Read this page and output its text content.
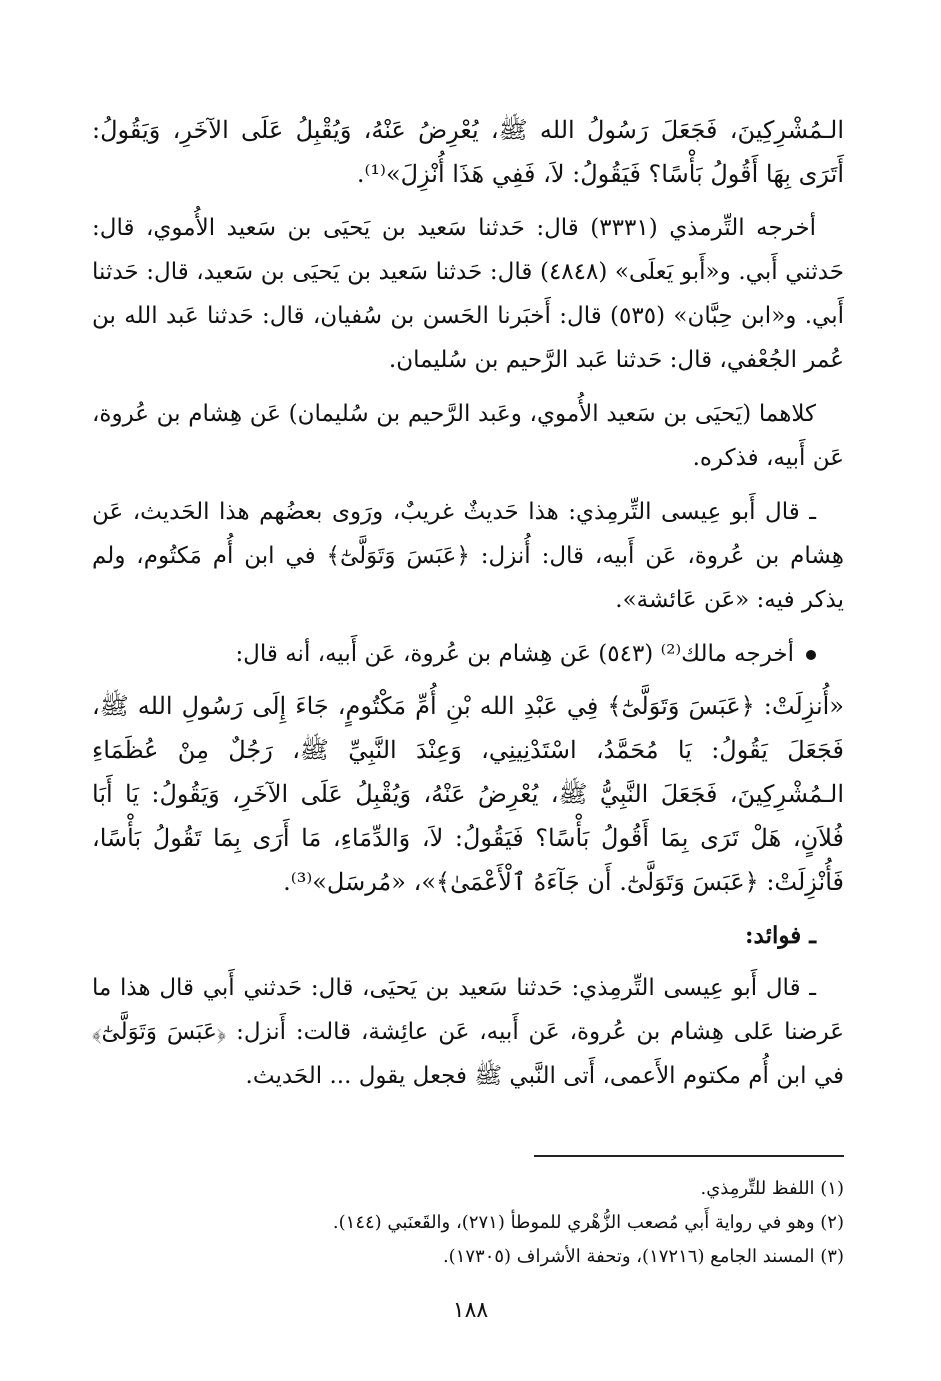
الـمُشْرِكِينَ، فَجَعَلَ رَسُولُ الله ﷺ، يُعْرِضُ عَنْهُ، وَيُقْبِلُ عَلَى الآخَرِ، وَيَقُولُ: أَتَرَى بِهَا أَقُولُ بَأْسًا؟ فَيَقُولُ: لاَ، فَفِي هَذَا أُنْزِلَ»⁽¹⁾.

أخرجه التِّرمذي (٣٣٣١) قال: حَدثنا سَعيد بن يَحيَى بن سَعيد الأُموي، قال: حَدثني أَبي. و«أَبو يَعلَى» (٤٨٤٨) قال: حَدثنا سَعيد بن يَحيَى بن سَعيد، قال: حَدثنا أَبي. و«ابن حِبَّان» (٥٣٥) قال: أَخبَرنا الحَسن بن سُفيان، قال: حَدثنا عَبد الله بن عُمر الجُعْفي، قال: حَدثنا عَبد الرَّحيم بن سُليمان.

كلاهما (يَحيَى بن سَعيد الأُموي، وعَبد الرَّحيم بن سُليمان) عَن هِشام بن عُروة، عَن أَبيه، فذكره.

ـ قال أَبو عِيسى التِّرمِذي: هذا حَديثٌ غريبٌ، ورَوى بعضُهم هذا الحَديث، عَن هِشام بن عُروة، عَن أَبيه، قال: أُنزل: ﴿عَبَسَ وَتَوَلَّىٰٓ﴾ في ابن أُم مَكتُوم، ولم يذكر فيه: «عَن عَائشة».

أخرجه مالك⁽²⁾ (٥٤٣) عَن هِشام بن عُروة، عَن أَبيه، أنه قال:

«أُنزِلَتْ: ﴿عَبَسَ وَتَوَلَّىٰٓ﴾ فِي عَبْدِ الله بْنِ أُمِّ مَكْتُومٍ، جَاءَ إِلَى رَسُولِ الله ﷺ، فَجَعَلَ يَقُولُ: يَا مُحَمَّدُ، اسْتَدْنِينِي، وَعِنْدَ النَّبِيِّ ﷺ، رَجُلٌ مِنْ عُظَمَاءِ الـمُشْرِكِينَ، فَجَعَلَ النَّبِيُّ ﷺ، يُعْرِضُ عَنْهُ، وَيُقْبِلُ عَلَى الآخَرِ، وَيَقُولُ: يَا أَبَا فُلاَنٍ، هَلْ تَرَى بِمَا أَقُولُ بَأْسًا؟ فَيَقُولُ: لاَ، وَالدِّمَاءِ، مَا أَرَى بِمَا تَقُولُ بَأْسًا، فَأُنْزِلَتْ: ﴿عَبَسَ وَتَوَلَّىٰٓ. أَن جَآءَهُ ٱلْأَعْمَىٰ﴾»، «مُرسَل»⁽³⁾.

ـ فوائد:

ـ قال أَبو عِيسى التِّرمِذي: حَدثنا سَعيد بن يَحيَى، قال: حَدثني أَبي قال هذا ما عَرضنا عَلى هِشام بن عُروة، عَن أَبيه، عَن عائِشة، قالت: أَنزل: ﴿عَبَسَ وَتَوَلَّىٰٓ﴾ في ابن أُم مكتوم الأَعمى، أَتى النَّبي ﷺ فجعل يقول ... الحَديث.

(١) اللفظ للتِّرمِذي.

(٢) وهو في رواية أَبي مُصعب الزُّهْري للموطأ (٢٧١)، والقَعنَبي (١٤٤).

(٣) المسند الجامع (١٧٢١٦)، وتحفة الأشراف (١٧٣٠٥).

١٨٨
